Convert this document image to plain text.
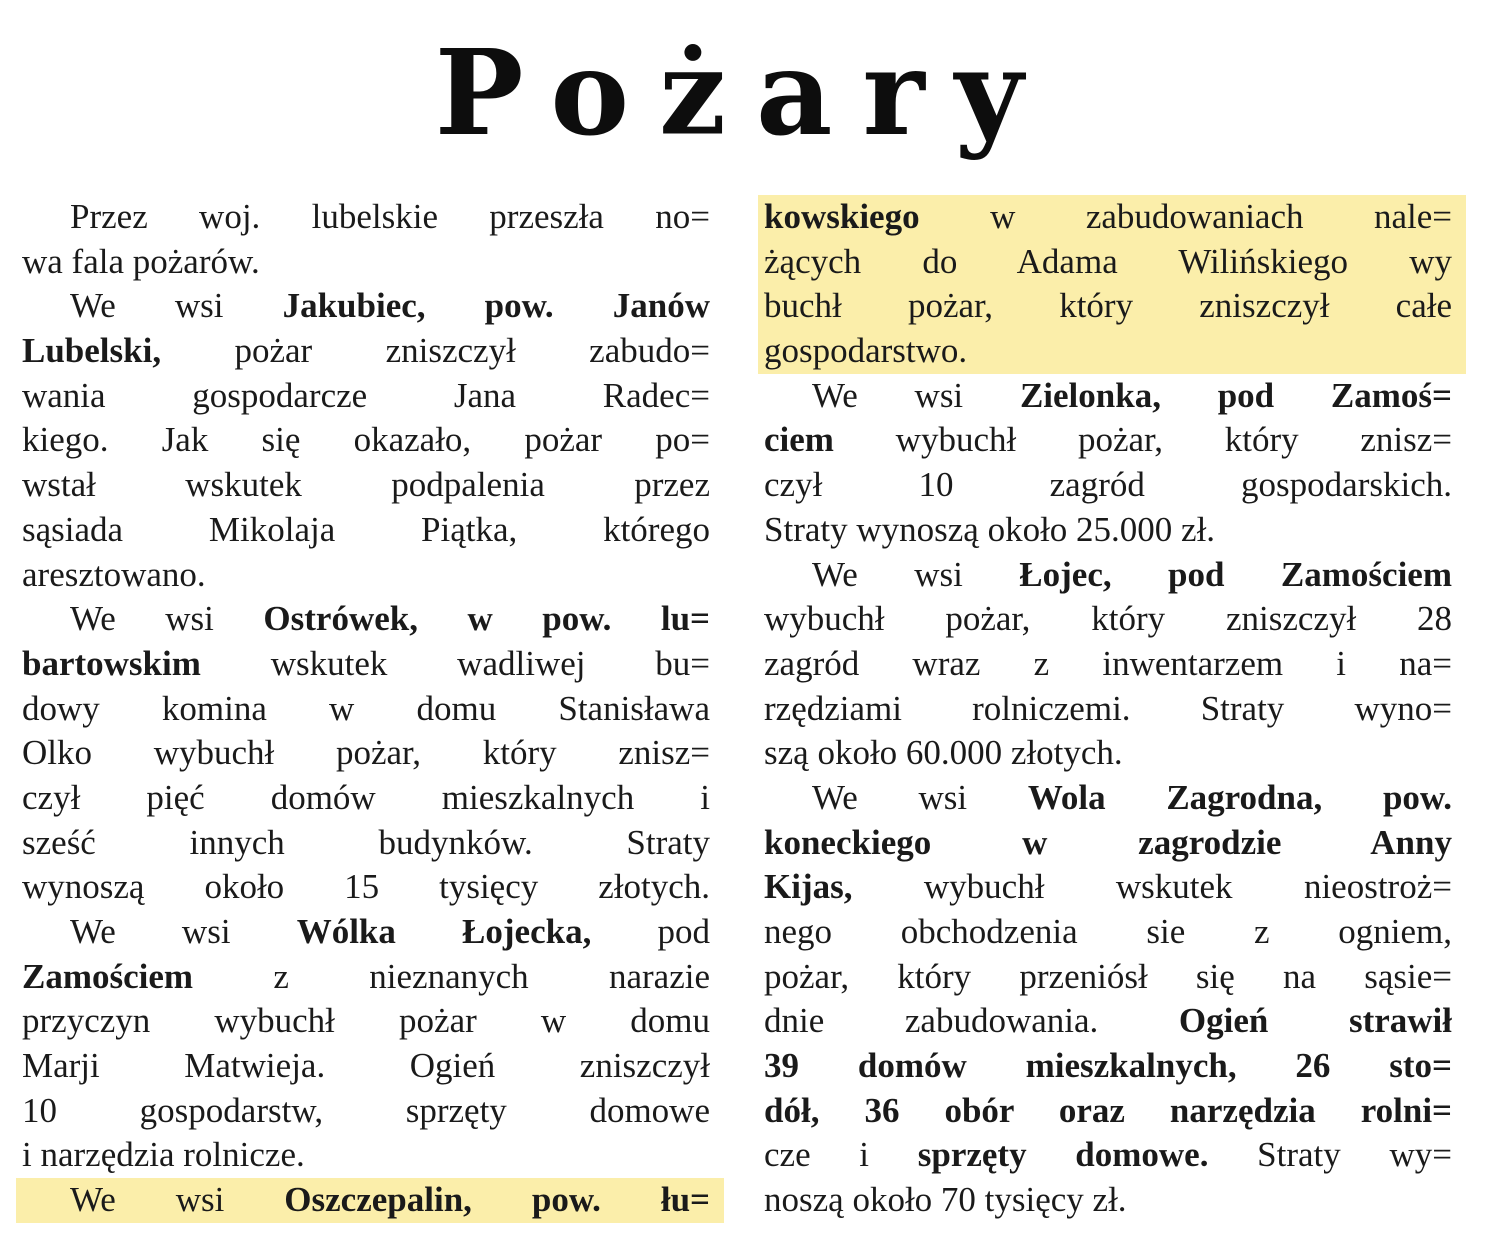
Pożary
Przez woj. lubelskie przeszła no=
wa fala pożarów.
We wsi Jakubiec, pow. Janów
Lubelski, pożar zniszczył zabudo=
wania gospodarcze Jana Radec=
kiego. Jak się okazało, pożar po=
wstał wskutek podpalenia przez
sąsiada Mikolaja Piątka, którego
aresztowano.
We wsi Ostrówek, w pow. lu=
bartowskim wskutek wadliwej bu=
dowy komina w domu Stanisława
Olko wybuchł pożar, który znisz=
czył pięć domów mieszkalnych i
sześć innych budynków. Straty
wynoszą około 15 tysięcy złotych.
We wsi Wólka Łojecka, pod
Zamościem z nieznanych narazie
przyczyn wybuchł pożar w domu
Marji Matwieja. Ogień zniszczył
10 gospodarstw, sprzęty domowe
i narzędzia rolnicze.
We wsi Oszczepalin, pow. łu=
kowskiego w zabudowaniach nale=
żących do Adama Wilińskiego wy
buchł pożar, który zniszczył całe
gospodarstwo.
We wsi Zielonka, pod Zamoś=
ciem wybuchł pożar, który znisz=
czył 10 zagród gospodarskich.
Straty wynoszą około 25.000 zł.
We wsi Łojec, pod Zamościem
wybuchł pożar, który zniszczył 28
zagród wraz z inwentarzem i na=
rzędziami rolniczemi. Straty wyno=
szą około 60.000 złotych.
We wsi Wola Zagrodna, pow.
koneckiego w zagrodzie Anny
Kijas, wybuchł wskutek nieostroż=
nego obchodzenia sie z ogniem,
pożar, który przeniósł się na sąsie=
dnie zabudowania. Ogień strawił
39 domów mieszkalnych, 26 sto=
dół, 36 obór oraz narzędzia rolni=
cze i sprzęty domowe. Straty wy=
noszą około 70 tysięcy zł.
